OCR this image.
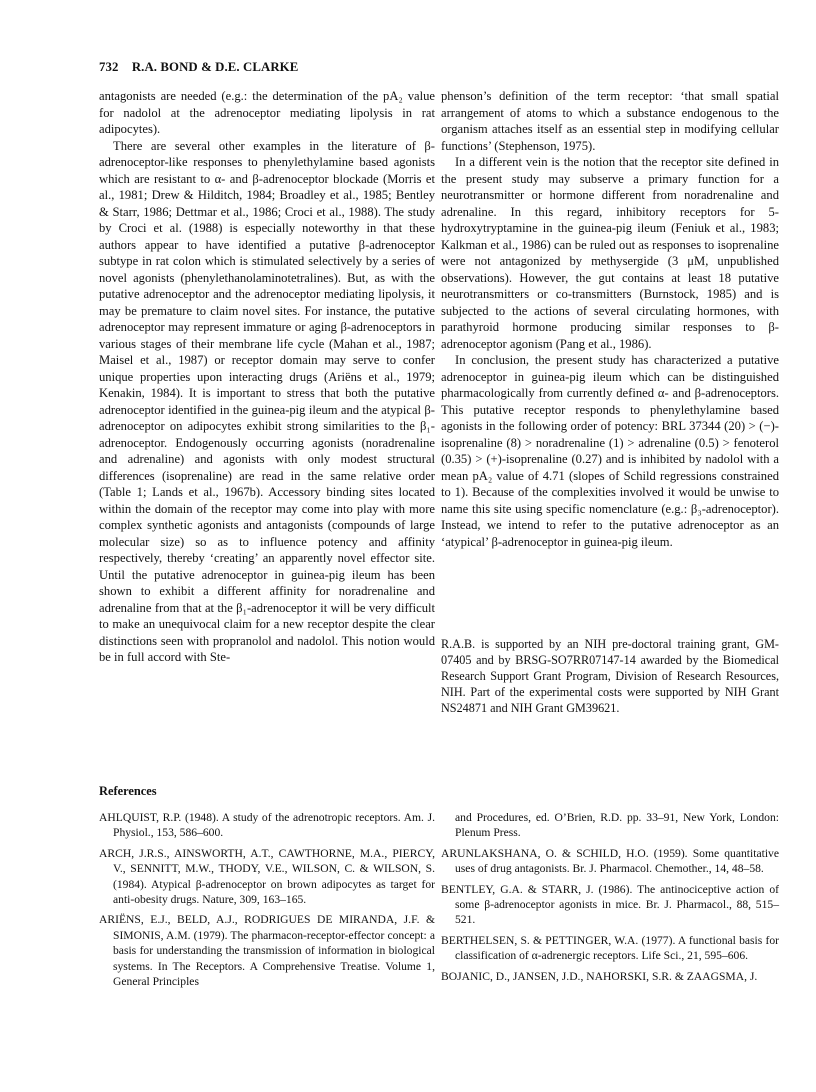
732 R.A. BOND & D.E. CLARKE

antagonists are needed (e.g.: the determination of the pA₂ value for nadolol at the adrenoceptor mediating lipolysis in rat adipocytes).

There are several other examples in the literature of β-adrenoceptor-like responses to phenylethylamine based agonists which are resistant to α- and β-adrenoceptor blockade (Morris et al., 1981; Drew & Hilditch, 1984; Broadley et al., 1985; Bentley & Starr, 1986; Dettmar et al., 1986; Croci et al., 1988). The study by Croci et al. (1988) is especially noteworthy in that these authors appear to have identified a putative β-adrenoceptor subtype in rat colon which is stimulated selectively by a series of novel agonists (phenylethanolaminotetralines). But, as with the putative adrenoceptor and the adrenoceptor mediating lipolysis, it may be premature to claim novel sites. For instance, the putative adrenoceptor may represent immature or aging β-adrenoceptors in various stages of their membrane life cycle (Mahan et al., 1987; Maisel et al., 1987) or receptor domain may serve to confer unique properties upon interacting drugs (Ariëns et al., 1979; Kenakin, 1984). It is important to stress that both the putative adrenoceptor identified in the guinea-pig ileum and the atypical β-adrenoceptor on adipocytes exhibit strong similarities to the β₁-adrenoceptor. Endogenously occurring agonists (noradrenaline and adrenaline) and agonists with only modest structural differences (isoprenaline) are read in the same relative order (Table 1; Lands et al., 1967b). Accessory binding sites located within the domain of the receptor may come into play with more complex synthetic agonists and antagonists (compounds of large molecular size) so as to influence potency and affinity respectively, thereby ‘creating’ an apparently novel effector site. Until the putative adrenoceptor in guinea-pig ileum has been shown to exhibit a different affinity for noradrenaline and adrenaline from that at the β₁-adrenoceptor it will be very difficult to make an unequivocal claim for a new receptor despite the clear distinctions seen with propranolol and nadolol. This notion would be in full accord with Ste-

phenson’s definition of the term receptor: ‘that small spatial arrangement of atoms to which a substance endogenous to the organism attaches itself as an essential step in modifying cellular functions’ (Stephenson, 1975).

In a different vein is the notion that the receptor site defined in the present study may subserve a primary function for a neurotransmitter or hormone different from noradrenaline and adrenaline. In this regard, inhibitory receptors for 5-hydroxytryptamine in the guinea-pig ileum (Feniuk et al., 1983; Kalkman et al., 1986) can be ruled out as responses to isoprenaline were not antagonized by methysergide (3 μM, unpublished observations). However, the gut contains at least 18 putative neurotransmitters or co-transmitters (Burnstock, 1985) and is subjected to the actions of several circulating hormones, with parathyroid hormone producing similar responses to β-adrenoceptor agonism (Pang et al., 1986).

In conclusion, the present study has characterized a putative adrenoceptor in guinea-pig ileum which can be distinguished pharmacologically from currently defined α- and β-adrenoceptors. This putative receptor responds to phenylethylamine based agonists in the following order of potency: BRL 37344 (20) > (−)-isoprenaline (8) > noradrenaline (1) > adrenaline (0.5) > fenoterol (0.35) > (+)-isoprenaline (0.27) and is inhibited by nadolol with a mean pA₂ value of 4.71 (slopes of Schild regressions constrained to 1). Because of the complexities involved it would be unwise to name this site using specific nomenclature (e.g.: β₃-adrenoceptor). Instead, we intend to refer to the putative adrenoceptor as an ‘atypical’ β-adrenoceptor in guinea-pig ileum.

R.A.B. is supported by an NIH pre-doctoral training grant, GM-07405 and by BRSG-SO7RR07147-14 awarded by the Biomedical Research Support Grant Program, Division of Research Resources, NIH. Part of the experimental costs were supported by NIH Grant NS24871 and NIH Grant GM39621.
References

AHLQUIST, R.P. (1948). A study of the adrenotropic receptors. Am. J. Physiol., 153, 586–600.

ARCH, J.R.S., AINSWORTH, A.T., CAWTHORNE, M.A., PIERCY, V., SENNITT, M.W., THODY, V.E., WILSON, C. & WILSON, S. (1984). Atypical β-adrenoceptor on brown adipocytes as target for anti-obesity drugs. Nature, 309, 163–165.

ARIËNS, E.J., BELD, A.J., RODRIGUES DE MIRANDA, J.F. & SIMONIS, A.M. (1979). The pharmacon-receptor-effector concept: a basis for understanding the transmission of information in biological systems. In The Receptors. A Comprehensive Treatise. Volume 1, General Principles

and Procedures, ed. O’Brien, R.D. pp. 33–91, New York, London: Plenum Press.

ARUNLAKSHANA, O. & SCHILD, H.O. (1959). Some quantitative uses of drug antagonists. Br. J. Pharmacol. Chemother., 14, 48–58.

BENTLEY, G.A. & STARR, J. (1986). The antinociceptive action of some β-adrenoceptor agonists in mice. Br. J. Pharmacol., 88, 515–521.

BERTHELSEN, S. & PETTINGER, W.A. (1977). A functional basis for classification of α-adrenergic receptors. Life Sci., 21, 595–606.

BOJANIC, D., JANSEN, J.D., NAHORSKI, S.R. & ZAAGSMA, J.
